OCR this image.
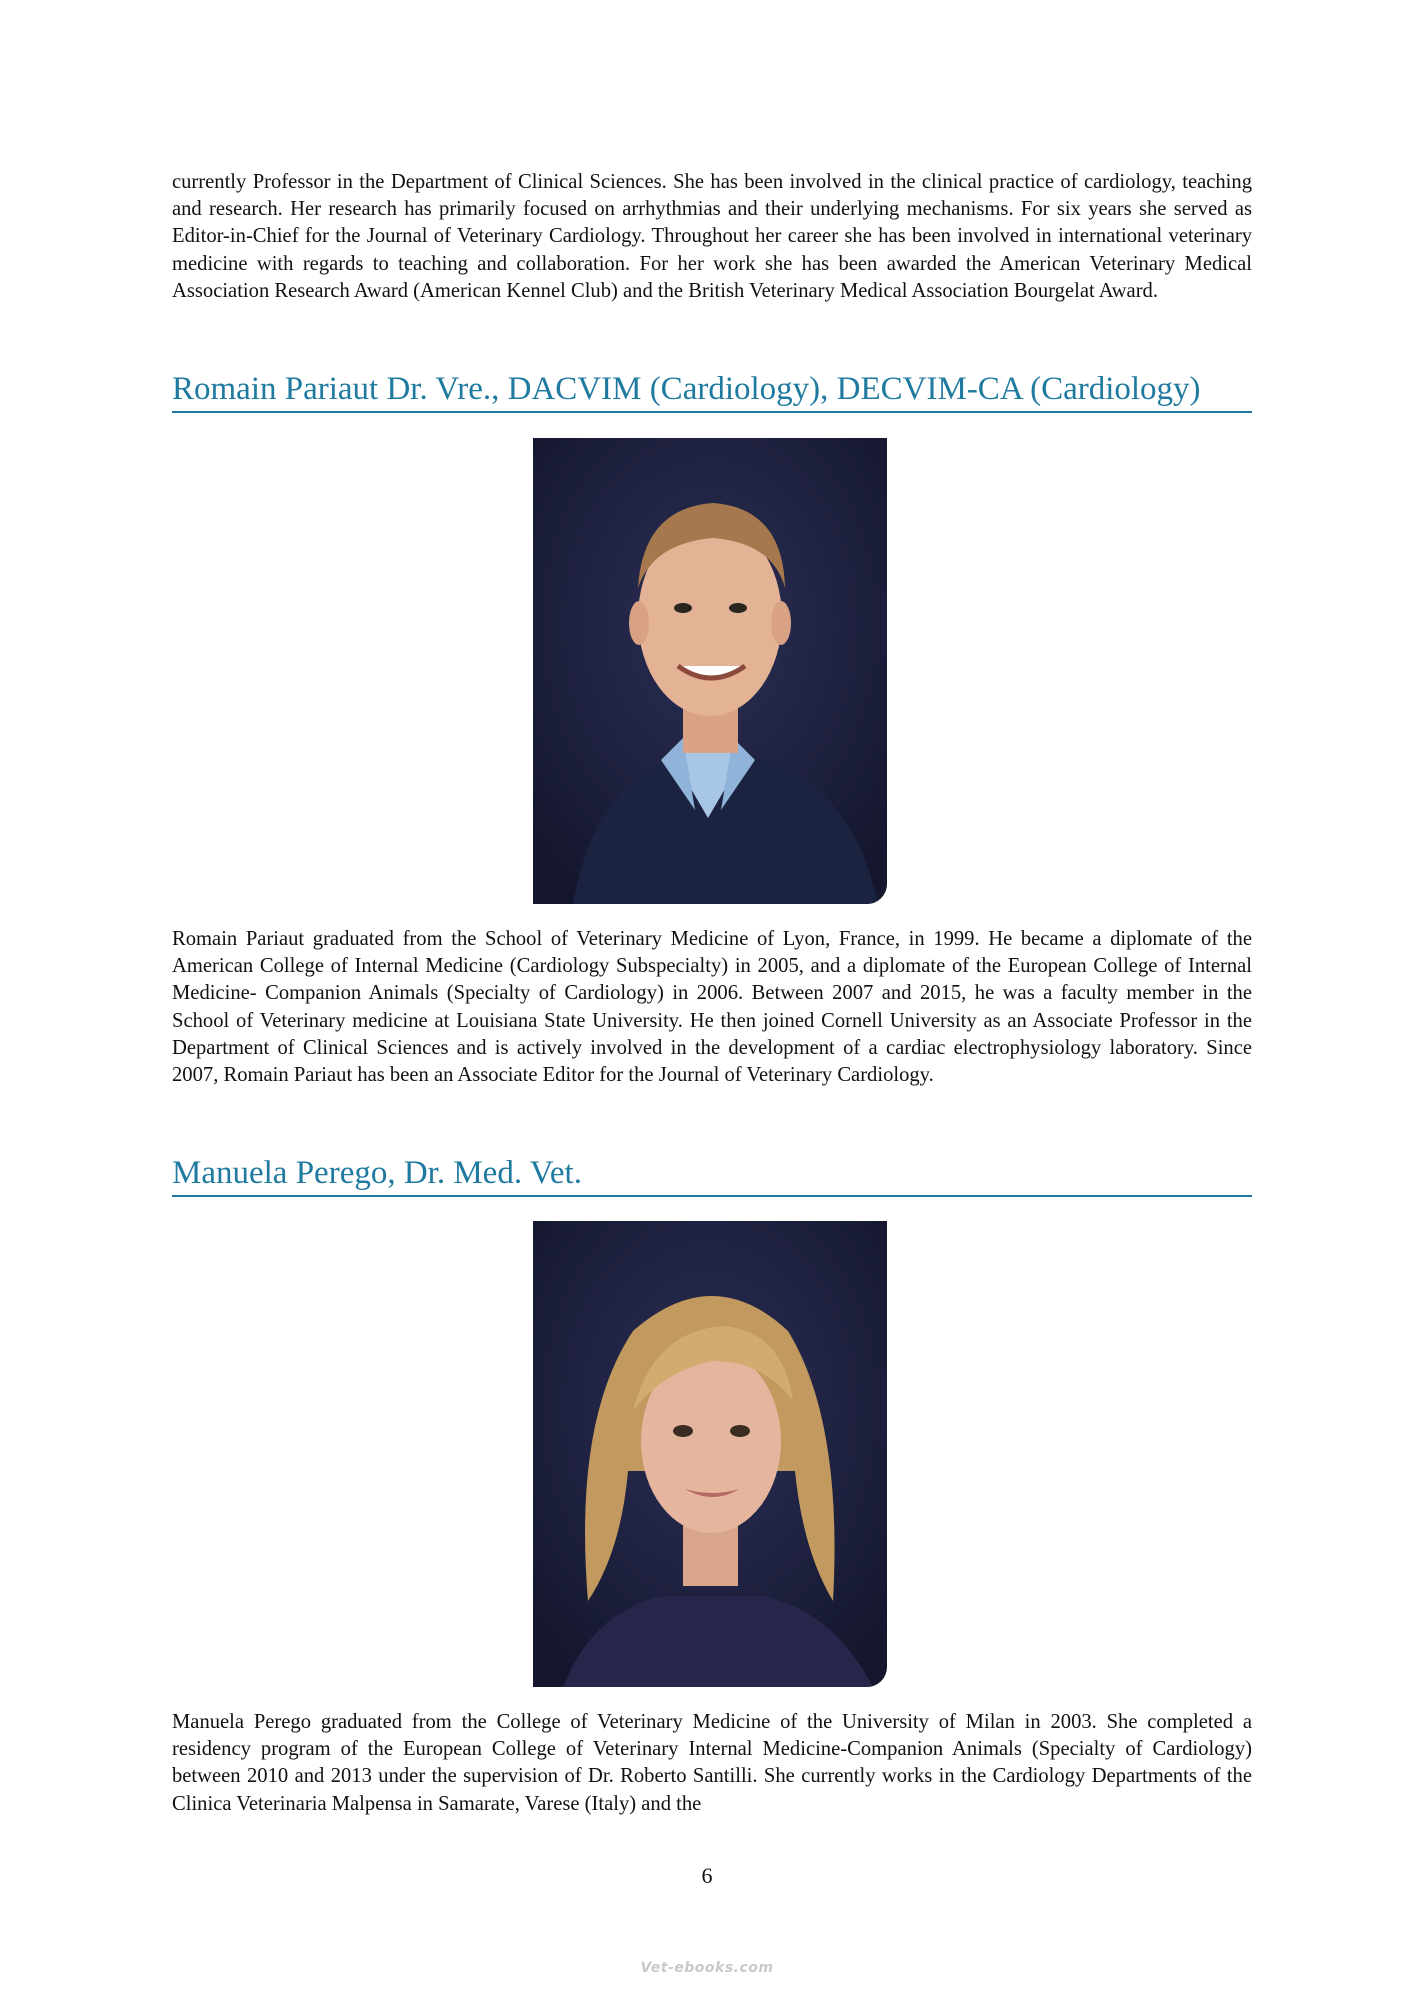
currently Professor in the Department of Clinical Sciences. She has been involved in the clinical practice of cardiology, teaching and research. Her research has primarily focused on arrhythmias and their underlying mechanisms. For six years she served as Editor-in-Chief for the Journal of Veterinary Cardiology. Throughout her career she has been involved in international veterinary medicine with regards to teaching and collaboration. For her work she has been awarded the American Veterinary Medical Association Research Award (American Kennel Club) and the British Veterinary Medical Association Bourgelat Award.

Romain Pariaut Dr. Vre., DACVIM (Cardiology), DECVIM-CA (Cardiology)

Romain Pariaut graduated from the School of Veterinary Medicine of Lyon, France, in 1999. He became a diplomate of the American College of Internal Medicine (Cardiology Subspecialty) in 2005, and a diplomate of the European College of Internal Medicine- Companion Animals (Specialty of Cardiology) in 2006. Between 2007 and 2015, he was a faculty member in the School of Veterinary medicine at Louisiana State University. He then joined Cornell University as an Associate Professor in the Department of Clinical Sciences and is actively involved in the development of a cardiac electrophysiology laboratory. Since 2007, Romain Pariaut has been an Associate Editor for the Journal of Veterinary Cardiology.

Manuela Perego, Dr. Med. Vet.

Manuela Perego graduated from the College of Veterinary Medicine of the University of Milan in 2003. She completed a residency program of the European College of Veterinary Internal Medicine-Companion Animals (Specialty of Cardiology) between 2010 and 2013 under the supervision of Dr. Roberto Santilli. She currently works in the Cardiology Departments of the Clinica Veterinaria Malpensa in Samarate, Varese (Italy) and the

6
Vet-ebooks.com
